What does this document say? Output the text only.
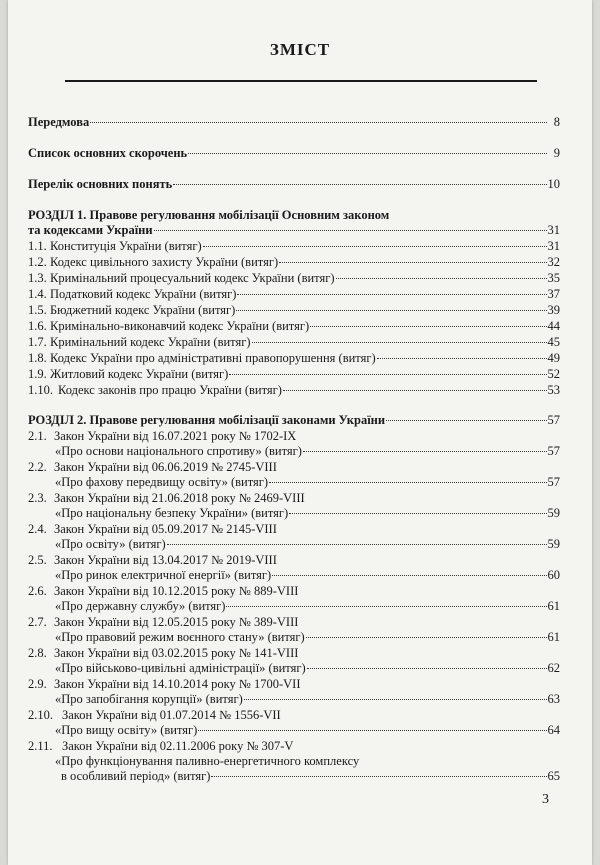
ЗМІСТ
Передмова	8
Список основних скорочень	9
Перелік основних понять	10
РОЗДІЛ 1. Правове регулювання мобілізації Основним законом
та кодексами України	31
1.1. Конституція України (витяг)	31
1.2. Кодекс цивільного захисту України (витяг)	32
1.3. Кримінальний процесуальний кодекс України (витяг)	35
1.4. Податковий кодекс України (витяг)	37
1.5. Бюджетний кодекс України (витяг)	39
1.6. Кримінально-виконавчий кодекс України (витяг)	44
1.7. Кримінальний кодекс України (витяг)	45
1.8. Кодекс України про адміністративні правопорушення (витяг)	49
1.9. Житловий кодекс України (витяг)	52
1.10. Кодекс законів про працю України (витяг)	53
РОЗДІЛ 2. Правове регулювання мобілізації законами України	57
2.1. Закон України від 16.07.2021 року № 1702-IX
«Про основи національного спротиву» (витяг)	57
2.2. Закон України від 06.06.2019 № 2745-VIII
«Про фахову передвищу освіту» (витяг)	57
2.3. Закон України від 21.06.2018 року № 2469-VIII
«Про національну безпеку України» (витяг)	59
2.4. Закон України від 05.09.2017 № 2145-VIII
«Про освіту» (витяг)	59
2.5. Закон України від 13.04.2017 № 2019-VIII
«Про ринок електричної енергії» (витяг)	60
2.6. Закон України від 10.12.2015 року № 889-VIII
«Про державну службу» (витяг)	61
2.7. Закон України від 12.05.2015 року № 389-VIII
«Про правовий режим воєнного стану» (витяг)	61
2.8. Закон України від 03.02.2015 року № 141-VIII
«Про військово-цивільні адміністрації» (витяг)	62
2.9. Закон України від 14.10.2014 року № 1700-VII
«Про запобігання корупції» (витяг)	63
2.10. Закон України від 01.07.2014 № 1556-VII
«Про вищу освіту» (витяг)	64
2.11. Закон України від 02.11.2006 року № 307-V
«Про функціонування паливно-енергетичного комплексу
в особливий період» (витяг)	65
3
